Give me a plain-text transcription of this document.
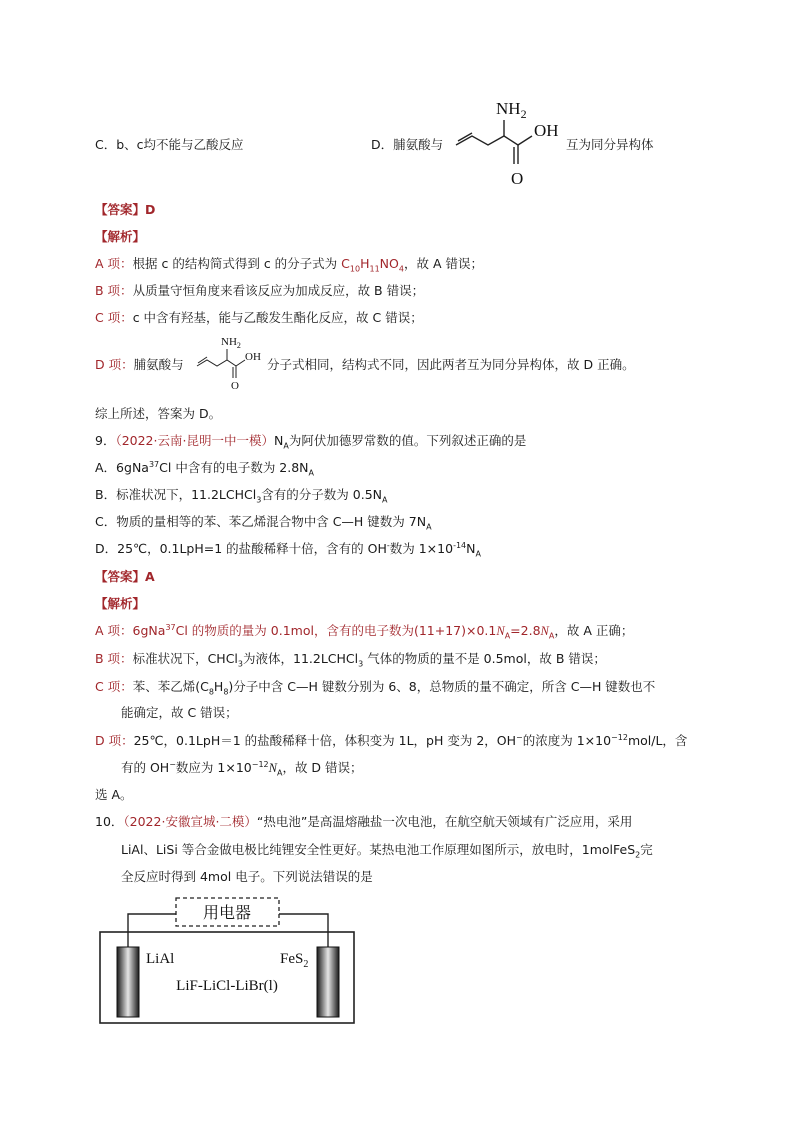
C．b、c均不能与乙酸反应	D．脯氨酸与
$NH_2$
OH
O
互为同分异构体
【答案】D
【解析】
A 项：根据 c 的结构简式得到 c 的分子式为 $C_{10}H_{11}NO_4$，故 A 错误；
B 项：从质量守恒角度来看该反应为加成反应，故 B 错误；
C 项：c 中含有羟基，能与乙酸发生酯化反应，故 C 错误；
D 项：脯氨酸与
$NH_2$
OH
O
分子式相同，结构式不同，因此两者互为同分异构体，故 D 正确。
综上所述，答案为 D。
9．（2022·云南·昆明一中一模）$N_A$为阿伏加德罗常数的值。下列叙述正确的是
A．6gNa$^{37}$Cl 中含有的电子数为 $2.8N_A$
B．标准状况下，11.2LCHCl$_3$含有的分子数为 $0.5N_A$
C．物质的量相等的苯、苯乙烯混合物中含 C—H 键数为 $7N_A$
D．25℃，0.1LpH=1 的盐酸稀释十倍，含有的 OH-数为 $1\times 10^{-14}N_A$
【答案】A
【解析】
A 项：6gNa$^{37}$Cl 的物质的量为 0.1mol，含有的电子数为$(11+17)\times 0.1N_A=2.8N_A$，故 A 正确；
B 项：标准状况下，CHCl$_3$为液体，11.2LCHCl$_3$ 气体的物质的量不是 0.5mol，故 B 错误；
C 项：苯、苯乙烯$(C_8H_8)$分子中含 C—H 键数分别为 6、8，总物质的量不确定，所含 C—H 键数也不
能确定，故 C 错误；
D 项：25℃，0.1LpH＝1 的盐酸稀释十倍，体积变为 1L，pH 变为 2，OH−的浓度为 $1\times 10^{-12}mol/L$，含
有的 OH−数应为 $1\times 10^{-12}N_A$，故 D 错误；
选 A。
10．（2022·安徽宣城·二模）“热电池”是高温熔融盐一次电池，在航空航天领域有广泛应用，采用
LiAl、LiSi 等合金做电极比纯锂安全性更好。某热电池工作原理如图所示，放电时，1molFeS$_2$完
全反应时得到 4mol 电子。下列说法错误的是
用电器
LiAl	FeS$_2$
LiF-LiCl-LiBr(l)
